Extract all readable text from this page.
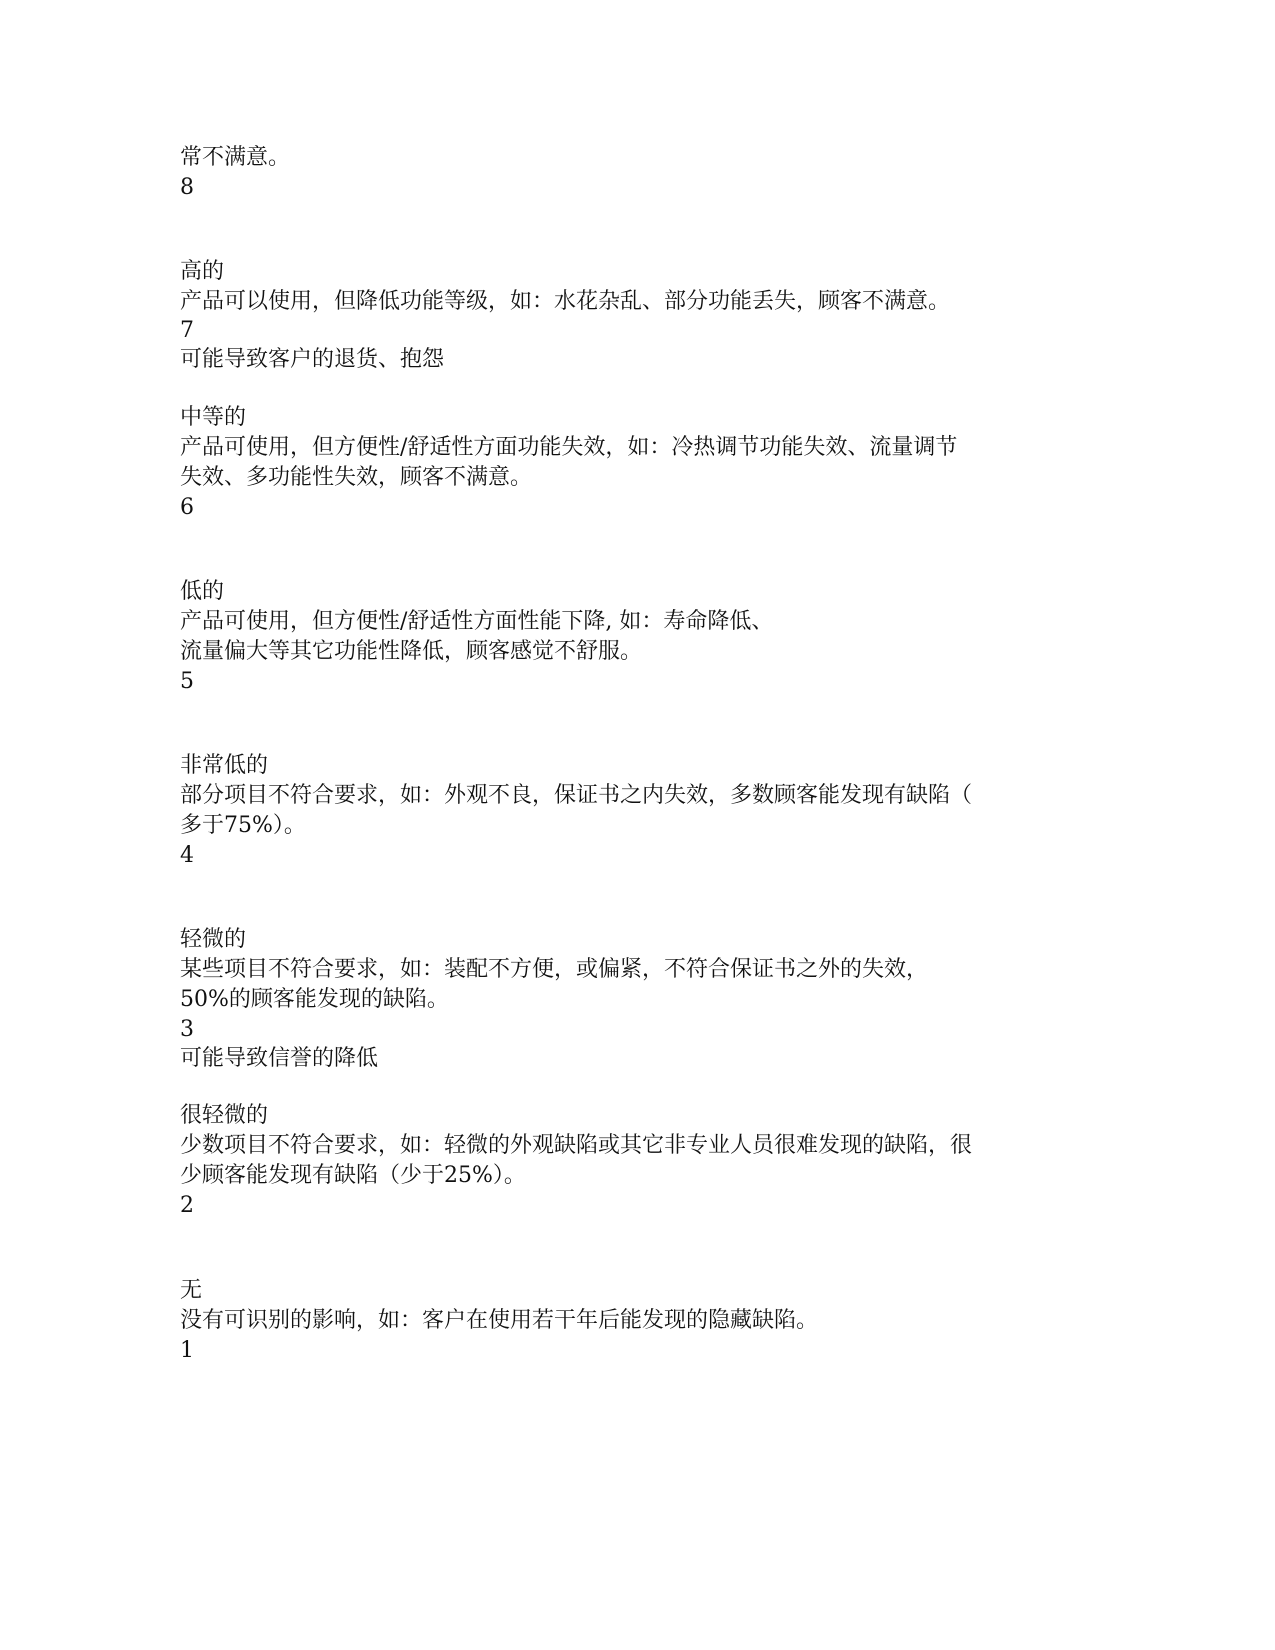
常不满意。
8
高的
产品可以使用，但降低功能等级，如：水花杂乱、部分功能丢失，顾客不满意。
7
可能导致客户的退货、抱怨
中等的
产品可使用，但方便性/舒适性方面功能失效，如：冷热调节功能失效、流量调节
失效、多功能性失效，顾客不满意。
6
低的
产品可使用，但方便性/舒适性方面性能下降, 如：寿命降低、
流量偏大等其它功能性降低，顾客感觉不舒服。
5
非常低的
部分项目不符合要求，如：外观不良，保证书之内失效，多数顾客能发现有缺陷（
多于75%）。
4
轻微的
某些项目不符合要求，如：装配不方便，或偏紧，不符合保证书之外的失效，
50%的顾客能发现的缺陷。
3
可能导致信誉的降低
很轻微的
少数项目不符合要求，如：轻微的外观缺陷或其它非专业人员很难发现的缺陷，很
少顾客能发现有缺陷（少于25%）。
2
无
没有可识别的影响，如：客户在使用若干年后能发现的隐藏缺陷。
1
